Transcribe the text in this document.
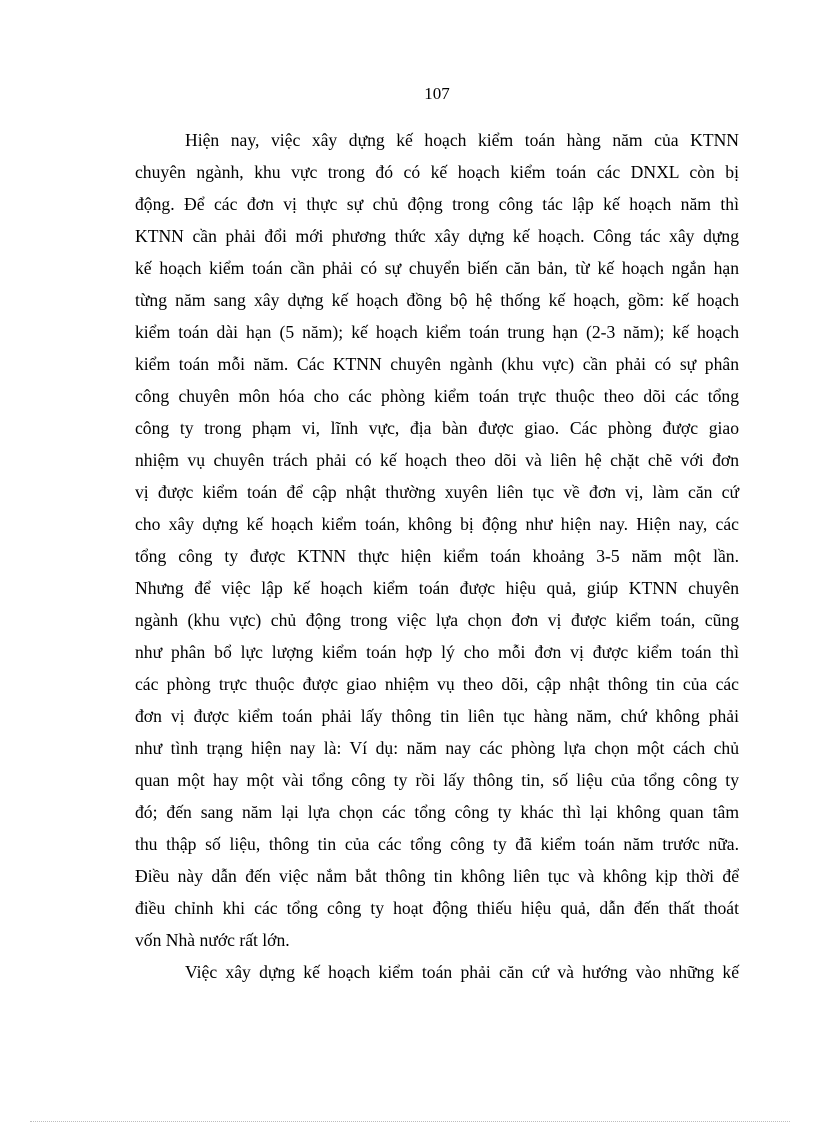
107
Hiện nay, việc xây dựng kế hoạch kiểm toán hàng năm của KTNN
chuyên ngành, khu vực trong đó có kế hoạch kiểm toán các DNXL còn bị
động. Để các đơn vị thực sự chủ động trong công tác lập kế hoạch năm thì
KTNN cần phải đổi mới phương thức xây dựng kế hoạch. Công tác xây dựng
kế hoạch kiểm toán cần phải có sự chuyển biến căn bản, từ kế hoạch ngắn hạn
từng năm sang xây dựng kế hoạch đồng bộ hệ thống kế hoạch, gồm: kế hoạch
kiểm toán dài hạn (5 năm); kế hoạch kiểm toán trung hạn (2-3 năm); kế hoạch
kiểm toán mỗi năm. Các KTNN chuyên ngành (khu vực) cần phải có sự phân
công chuyên môn hóa cho các phòng kiểm toán trực thuộc theo dõi các tổng
công ty trong phạm vi, lĩnh vực, địa bàn được giao. Các phòng được giao
nhiệm vụ chuyên trách phải có kế hoạch theo dõi và liên hệ chặt chẽ với đơn
vị được kiểm toán để cập nhật thường xuyên liên tục về đơn vị, làm căn cứ
cho xây dựng kế hoạch kiểm toán, không bị động như hiện nay. Hiện nay, các
tổng công ty được KTNN thực hiện kiểm toán khoảng 3-5 năm một lần.
Nhưng để việc lập kế hoạch kiểm toán được hiệu quả, giúp KTNN chuyên
ngành (khu vực) chủ động trong việc lựa chọn đơn vị được kiểm toán, cũng
như phân bổ lực lượng kiểm toán hợp lý cho mỗi đơn vị được kiểm toán thì
các phòng trực thuộc được giao nhiệm vụ theo dõi, cập nhật thông tin của các
đơn vị được kiểm toán phải lấy thông tin liên tục hàng năm, chứ không phải
như tình trạng hiện nay là: Ví dụ: năm nay các phòng lựa chọn một cách chủ
quan một hay một vài tổng công ty rồi lấy thông tin, số liệu của tổng công ty
đó; đến sang năm lại lựa chọn các tổng công ty khác thì lại không quan tâm
thu thập số liệu, thông tin của các tổng công ty đã kiểm toán năm trước nữa.
Điều này dẫn đến việc nắm bắt thông tin không liên tục và không kịp thời để
điều chỉnh khi các tổng công ty hoạt động thiếu hiệu quả, dẫn đến thất thoát
vốn Nhà nước rất lớn.
Việc xây dựng kế hoạch kiểm toán phải căn cứ và hướng vào những kế
